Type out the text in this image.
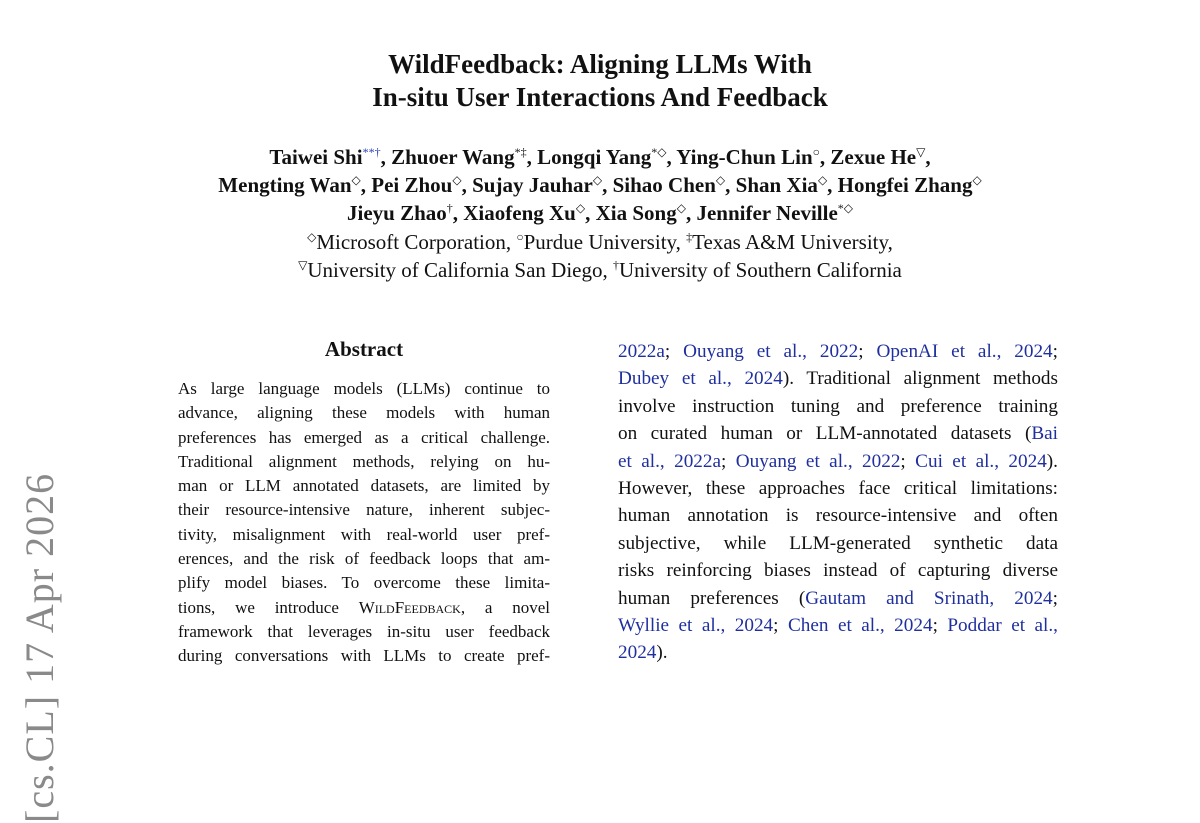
[cs.CL] 17 Apr 2026
WildFeedback: Aligning LLMs With
In-situ User Interactions And Feedback
Taiwei Shi**†, Zhuoer Wang*‡, Longqi Yang*◇, Ying-Chun Lin○, Zexue He▽,
Mengting Wan◇, Pei Zhou◇, Sujay Jauhar◇, Sihao Chen◇, Shan Xia◇, Hongfei Zhang◇
Jieyu Zhao†, Xiaofeng Xu◇, Xia Song◇, Jennifer Neville*◇
◇Microsoft Corporation, ○Purdue University, ‡Texas A&M University,
▽University of California San Diego, †University of Southern California
Abstract
As large language models (LLMs) continue to
advance, aligning these models with human
preferences has emerged as a critical challenge.
Traditional alignment methods, relying on hu-
man or LLM annotated datasets, are limited by
their resource-intensive nature, inherent subjec-
tivity, misalignment with real-world user pref-
erences, and the risk of feedback loops that am-
plify model biases. To overcome these limita-
tions, we introduce WildFeedback, a novel
framework that leverages in-situ user feedback
during conversations with LLMs to create pref-
2022a; Ouyang et al., 2022; OpenAI et al., 2024;
Dubey et al., 2024). Traditional alignment methods
involve instruction tuning and preference training
on curated human or LLM-annotated datasets (Bai
et al., 2022a; Ouyang et al., 2022; Cui et al., 2024).
However, these approaches face critical limitations:
human annotation is resource-intensive and often
subjective, while LLM-generated synthetic data
risks reinforcing biases instead of capturing diverse
human preferences (Gautam and Srinath, 2024;
Wyllie et al., 2024; Chen et al., 2024; Poddar et al.,
2024).
